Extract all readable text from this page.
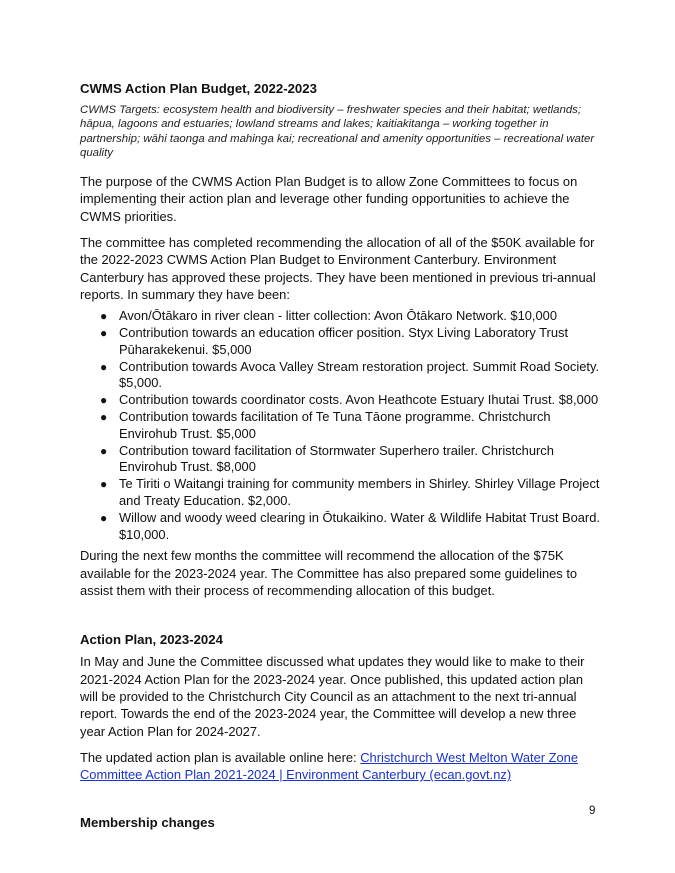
CWMS Action Plan Budget, 2022-2023
CWMS Targets: ecosystem health and biodiversity – freshwater species and their habitat; wetlands; hāpua, lagoons and estuaries; lowland streams and lakes; kaitiakitanga – working together in partnership; wāhi taonga and mahinga kai; recreational and amenity opportunities – recreational water quality

The purpose of the CWMS Action Plan Budget is to allow Zone Committees to focus on implementing their action plan and leverage other funding opportunities to achieve the CWMS priorities.

The committee has completed recommending the allocation of all of the $50K available for the 2022-2023 CWMS Action Plan Budget to Environment Canterbury. Environment Canterbury has approved these projects. They have been mentioned in previous tri-annual reports. In summary they have been:

● Avon/Ōtākaro in river clean - litter collection: Avon Ōtākaro Network. $10,000
● Contribution towards an education officer position. Styx Living Laboratory Trust Pūharakekenui. $5,000
● Contribution towards Avoca Valley Stream restoration project. Summit Road Society. $5,000.
● Contribution towards coordinator costs. Avon Heathcote Estuary Ihutai Trust. $8,000
● Contribution towards facilitation of Te Tuna Tāone programme. Christchurch Envirohub Trust. $5,000
● Contribution toward facilitation of Stormwater Superhero trailer. Christchurch Envirohub Trust. $8,000
● Te Tiriti o Waitangi training for community members in Shirley. Shirley Village Project and Treaty Education. $2,000.
● Willow and woody weed clearing in Ōtukaikino. Water & Wildlife Habitat Trust Board. $10,000.

During the next few months the committee will recommend the allocation of the $75K available for the 2023-2024 year. The Committee has also prepared some guidelines to assist them with their process of recommending allocation of this budget.

Action Plan, 2023-2024

In May and June the Committee discussed what updates they would like to make to their 2021-2024 Action Plan for the 2023-2024 year. Once published, this updated action plan will be provided to the Christchurch City Council as an attachment to the next tri-annual report. Towards the end of the 2023-2024 year, the Committee will develop a new three year Action Plan for 2024-2027.

The updated action plan is available online here: Christchurch West Melton Water Zone Committee Action Plan 2021-2024 | Environment Canterbury (ecan.govt.nz)

Membership changes
9
